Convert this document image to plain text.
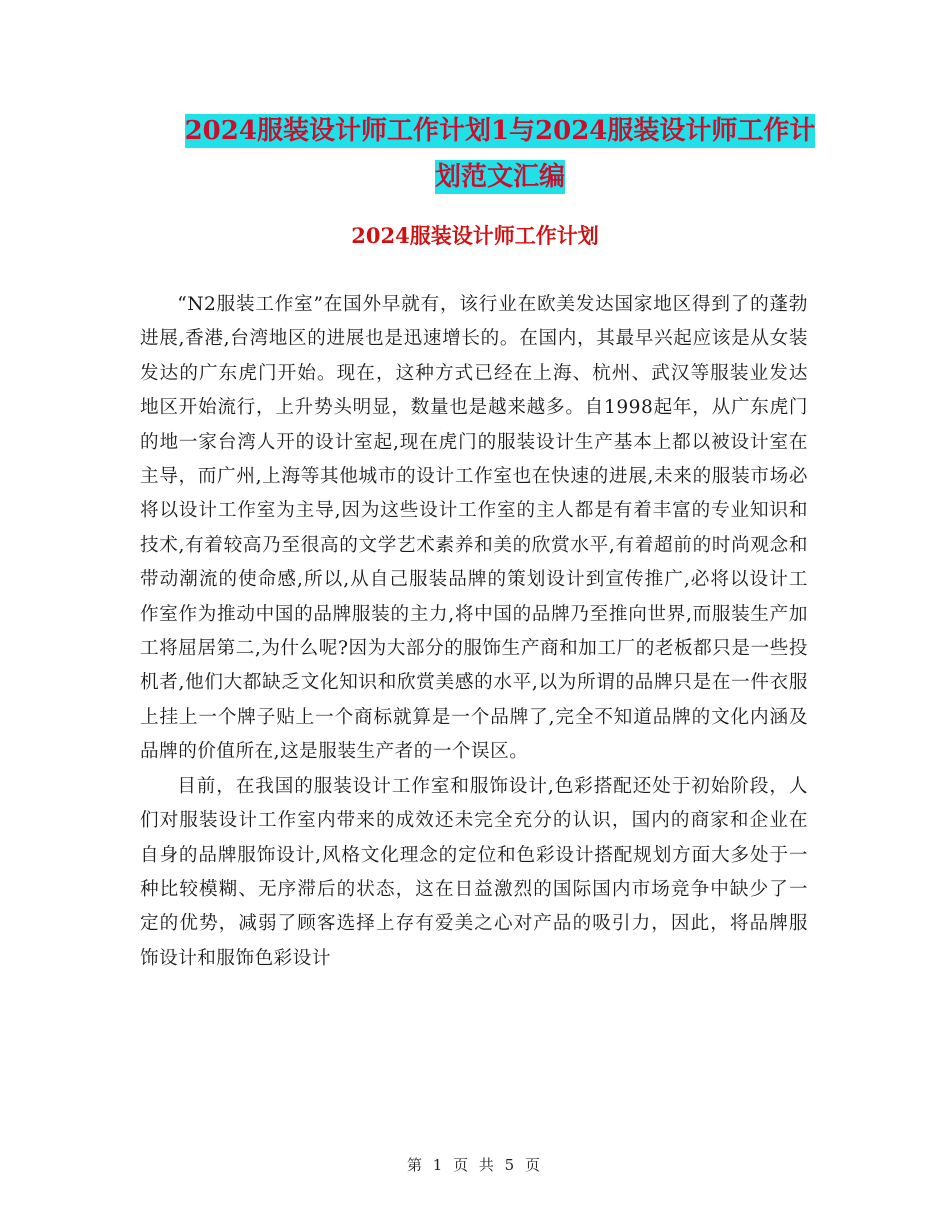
2024服装设计师工作计划1与2024服装设计师工作计
划范文汇编
2024服装设计师工作计划

“N2服装工作室”在国外早就有，该行业在欧美发达国家地区得到了的蓬勃进展,香港,台湾地区的进展也是迅速增长的。在国内，其最早兴起应该是从女装发达的广东虎门开始。现在，这种方式已经在上海、杭州、武汉等服装业发达地区开始流行，上升势头明显，数量也是越来越多。自1998起年，从广东虎门的地一家台湾人开的设计室起,现在虎门的服装设计生产基本上都以被设计室在主导，而广州,上海等其他城市的设计工作室也在快速的进展,未来的服装市场必将以设计工作室为主导,因为这些设计工作室的主人都是有着丰富的专业知识和技术,有着较高乃至很高的文学艺术素养和美的欣赏水平,有着超前的时尚观念和带动潮流的使命感,所以,从自己服装品牌的策划设计到宣传推广,必将以设计工作室作为推动中国的品牌服装的主力,将中国的品牌乃至推向世界,而服装生产加工将屈居第二,为什么呢?因为大部分的服饰生产商和加工厂的老板都只是一些投机者,他们大都缺乏文化知识和欣赏美感的水平,以为所谓的品牌只是在一件衣服上挂上一个牌子贴上一个商标就算是一个品牌了,完全不知道品牌的文化内涵及品牌的价值所在,这是服装生产者的一个误区。

目前，在我国的服装设计工作室和服饰设计,色彩搭配还处于初始阶段，人们对服装设计工作室内带来的成效还未完全充分的认识，国内的商家和企业在自身的品牌服饰设计,风格文化理念的定位和色彩设计搭配规划方面大多处于一种比较模糊、无序滞后的状态，这在日益激烈的国际国内市场竞争中缺少了一定的优势，减弱了顾客选择上存有爱美之心对产品的吸引力，因此，将品牌服饰设计和服饰色彩设计

第 1 页 共 5 页
